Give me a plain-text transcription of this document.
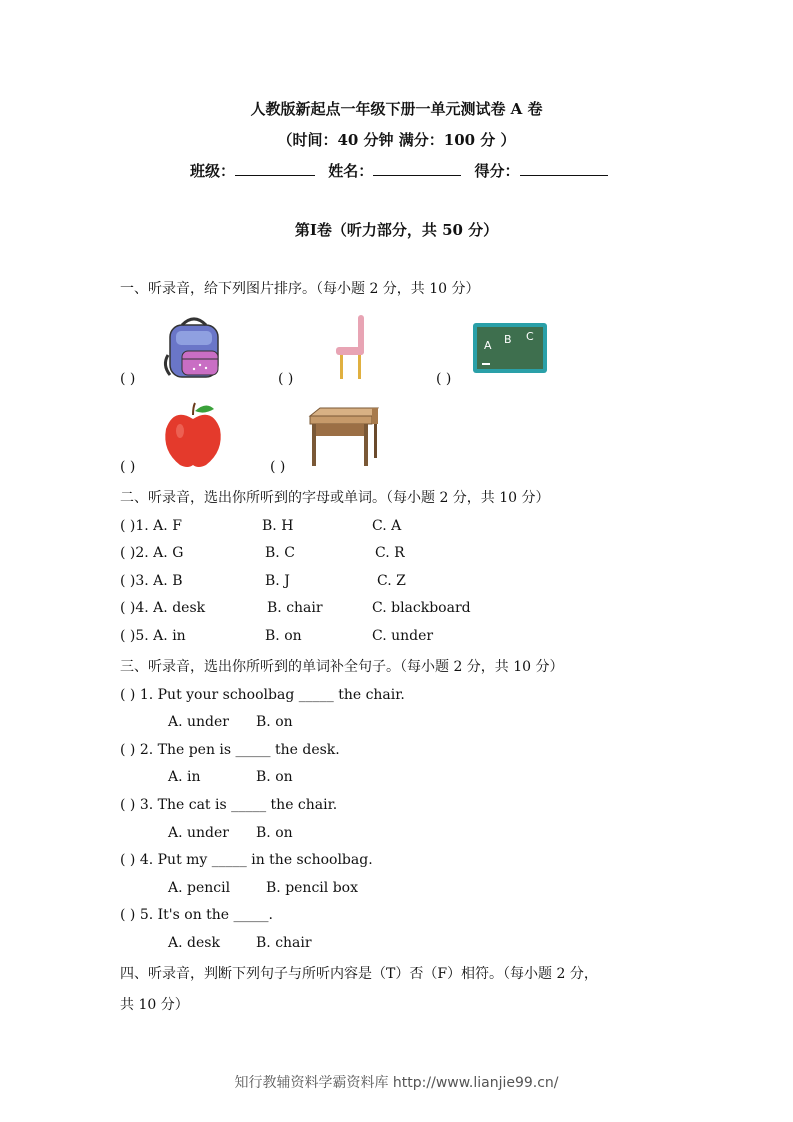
人教版新起点一年级下册一单元测试卷 A 卷
（时间：40 分钟 满分：100 分 ）
班级：	姓名：	得分：
第I卷（听力部分，共 50 分）
一、听录音，给下列图片排序。（每小题 2 分，共 10 分）
( )	( )
A B C
( )
( )	( )
二、听录音，选出你所听到的字母或单词。（每小题 2 分，共 10 分）
( )1. A. F	B. H	C. A
( )2. A. G	B. C	C. R
( )3. A. B	B. J	C. Z
( )4. A. desk	B. chair	C. blackboard
( )5. A. in	B. on	C. under
三、听录音，选出你所听到的单词补全句子。（每小题 2 分，共 10 分）
( ) 1. Put your schoolbag _____ the chair.
A. under B. on
( ) 2. The pen is _____ the desk.
A. in	B. on
( ) 3. The cat is _____ the chair.
A. under B. on
( ) 4. Put my _____ in the schoolbag.
A. pencil	B. pencil box
( ) 5. It's on the _____.
A. desk	B. chair
四、听录音，判断下列句子与所听内容是（T）否（F）相符。（每小题 2 分，
共 10 分）
知行教辅资料学霸资料库 http://www.lianjie99.cn/
